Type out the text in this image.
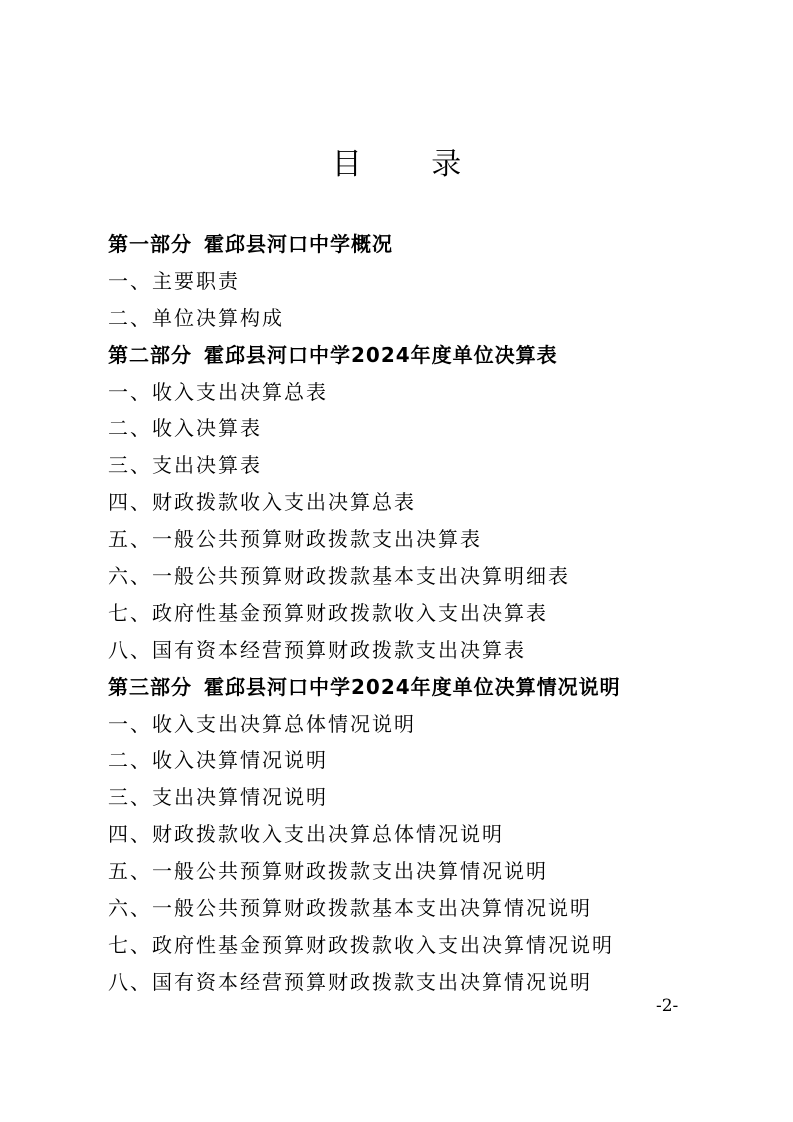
目 录
第一部分 霍邱县河口中学概况
一、主要职责
二、单位决算构成
第二部分 霍邱县河口中学2024年度单位决算表
一、收入支出决算总表
二、收入决算表
三、支出决算表
四、财政拨款收入支出决算总表
五、一般公共预算财政拨款支出决算表
六、一般公共预算财政拨款基本支出决算明细表
七、政府性基金预算财政拨款收入支出决算表
八、国有资本经营预算财政拨款支出决算表
第三部分 霍邱县河口中学2024年度单位决算情况说明
一、收入支出决算总体情况说明
二、收入决算情况说明
三、支出决算情况说明
四、财政拨款收入支出决算总体情况说明
五、一般公共预算财政拨款支出决算情况说明
六、一般公共预算财政拨款基本支出决算情况说明
七、政府性基金预算财政拨款收入支出决算情况说明
八、国有资本经营预算财政拨款支出决算情况说明
-2-
